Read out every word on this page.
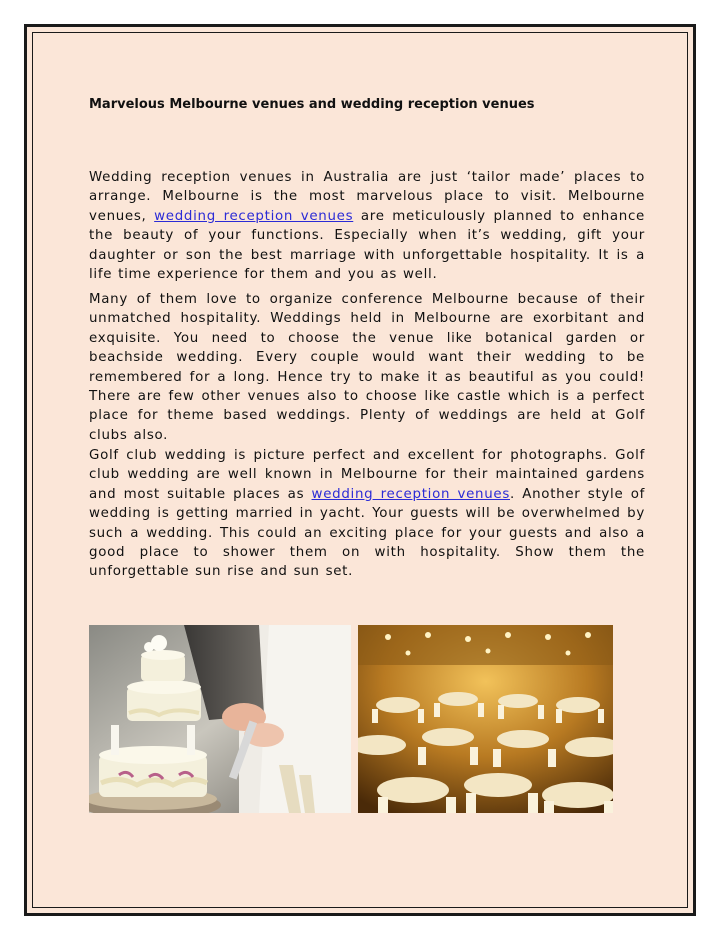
Marvelous Melbourne venues and wedding reception venues

Wedding reception venues in Australia are just ‘tailor made’ places to arrange. Melbourne is the most marvelous place to visit. Melbourne venues, wedding reception venues are meticulously planned to enhance the beauty of your functions. Especially when it’s wedding, gift your daughter or son the best marriage with unforgettable hospitality. It is a life time experience for them and you as well.

Many of them love to organize conference Melbourne because of their unmatched hospitality. Weddings held in Melbourne are exorbitant and exquisite. You need to choose the venue like botanical garden or beachside wedding. Every couple would want their wedding to be remembered for a long. Hence try to make it as beautiful as you could! There are few other venues also to choose like castle which is a perfect place for theme based weddings. Plenty of weddings are held at Golf clubs also.

Golf club wedding is picture perfect and excellent for photographs. Golf club wedding are well known in Melbourne for their maintained gardens and most suitable places as wedding reception venues. Another style of wedding is getting married in yacht. Your guests will be overwhelmed by such a wedding. This could an exciting place for your guests and also a good place to shower them on with hospitality. Show them the unforgettable sun rise and sun set.
